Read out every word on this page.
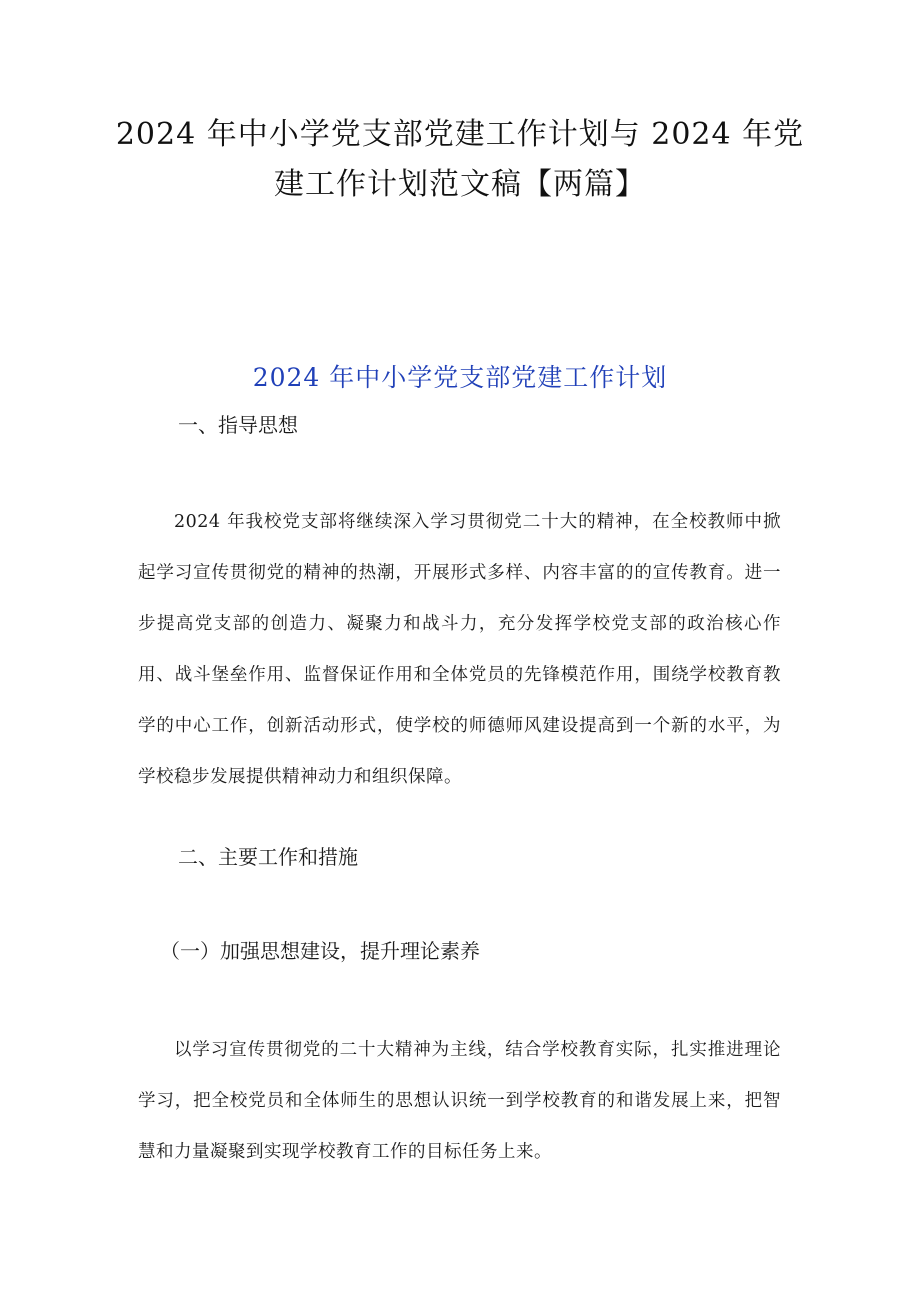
2024 年中小学党支部党建工作计划与 2024 年党建工作计划范文稿【两篇】
2024 年中小学党支部党建工作计划
一、指导思想
2024 年我校党支部将继续深入学习贯彻党二十大的精神，在全校教师中掀起学习宣传贯彻党的精神的热潮，开展形式多样、内容丰富的的宣传教育。进一步提高党支部的创造力、凝聚力和战斗力，充分发挥学校党支部的政治核心作用、战斗堡垒作用、监督保证作用和全体党员的先锋模范作用，围绕学校教育教学的中心工作，创新活动形式，使学校的师德师风建设提高到一个新的水平，为学校稳步发展提供精神动力和组织保障。
二、主要工作和措施
（一）加强思想建设，提升理论素养
以学习宣传贯彻党的二十大精神为主线，结合学校教育实际，扎实推进理论学习，把全校党员和全体师生的思想认识统一到学校教育的和谐发展上来，把智慧和力量凝聚到实现学校教育工作的目标任务上来。
